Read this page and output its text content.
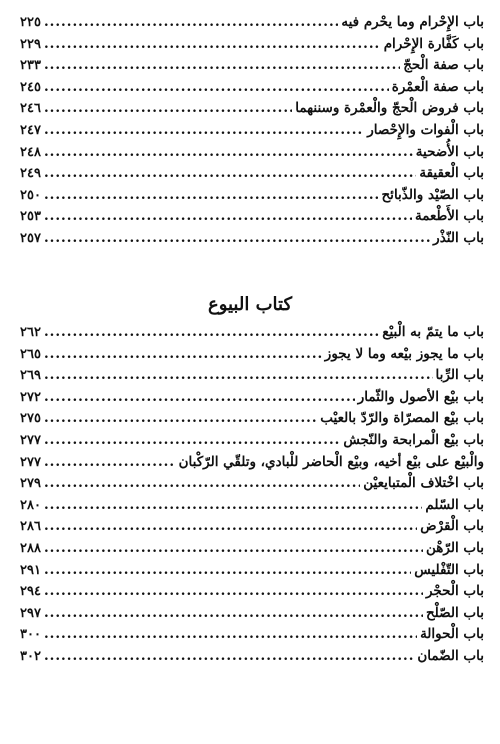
باب الإِحْرام وما يحْرم فيه
.....
٢٢٥
باب كَفَّارة الإِحْرام
.....
٢٢٩
باب صفة الْحجّ
.....
٢٣٣
باب صفة الْعمْرة
.....
٢٤٥
باب فروض الْحجّ والْعمْرة وسننهما
.....
٢٤٦
باب الْفوات والإِحْصار
.....
٢٤٧
باب الأُضحية
.....
٢٤٨
باب الْعقيقة
.....
٢٤٩
باب الصّيْد والذّبائح
.....
٢٥٠
باب الأَطْعمة
.....
٢٥٣
باب النّذْر
.....
٢٥٧
كتاب البيوع
باب ما يتمّ به الْبيْع
.....
٢٦٢
باب ما يجوز بيْعه وما لا يجوز
.....
٢٦٥
باب الرِّبا
.....
٢٦٩
باب بيْع الأصول والثّمار
.....
٢٧٢
باب بيْع المصرّاة والرّدّ بالعيْب
.....
٢٧٥
باب بيْع الْمرابحة والنّجش
.....
٢٧٧
والْبيْع على بيْع أخيه، وبيْع الْحاضر للْبادي، وتلقّي الرّكْبان
.....
٢٧٧
باب اخْتلاف الْمتبايعيْن
.....
٢٧٩
باب السّلم
.....
٢٨٠
باب الْقرْض
.....
٢٨٦
باب الرّهْن
.....
٢٨٨
باب التّفْليس
.....
٢٩١
باب الْحجْر
.....
٢٩٤
باب الصّلْح
.....
٢٩٧
باب الْحوالة
.....
٣٠٠
باب الضّمان
.....
٣٠٢
